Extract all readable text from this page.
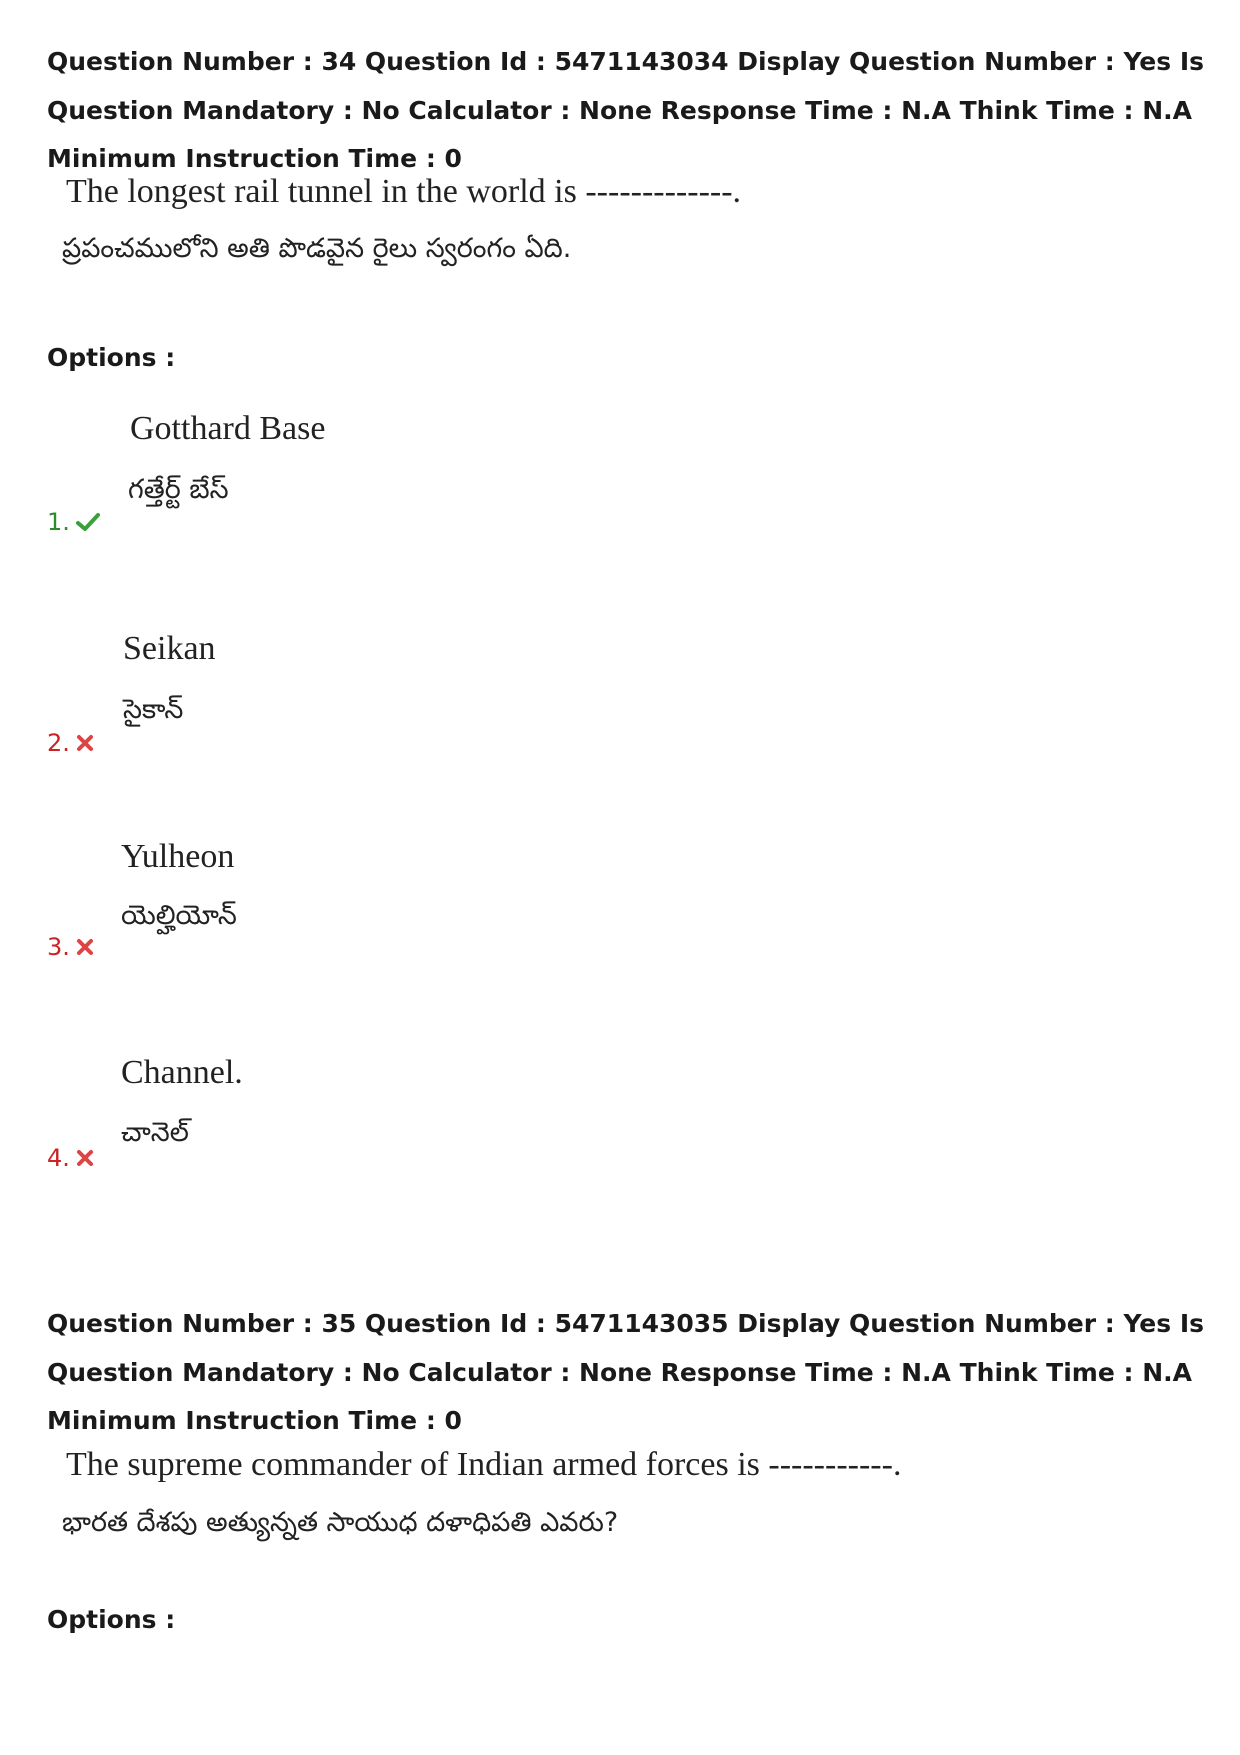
Question Number : 34 Question Id : 5471143034 Display Question Number : Yes Is Question Mandatory : No Calculator : None Response Time : N.A Think Time : N.A Minimum Instruction Time : 0

The longest rail tunnel in the world is -------------.

ప్రపంచములోని అతి పొడవైన రైలు స్వరంగం ఏది.

Options :

Gotthard Base

గత్తేర్ట్ బేస్

1.

Seikan

సైకాన్

2.

Yulheon

యెల్హియోన్

3.

Channel.

చానెల్

4.

Question Number : 35 Question Id : 5471143035 Display Question Number : Yes Is Question Mandatory : No Calculator : None Response Time : N.A Think Time : N.A Minimum Instruction Time : 0

The supreme commander of Indian armed forces is -----------.

భారత దేశపు అత్యున్నత సాయుధ దళాధిపతి ఎవరు?

Options :
